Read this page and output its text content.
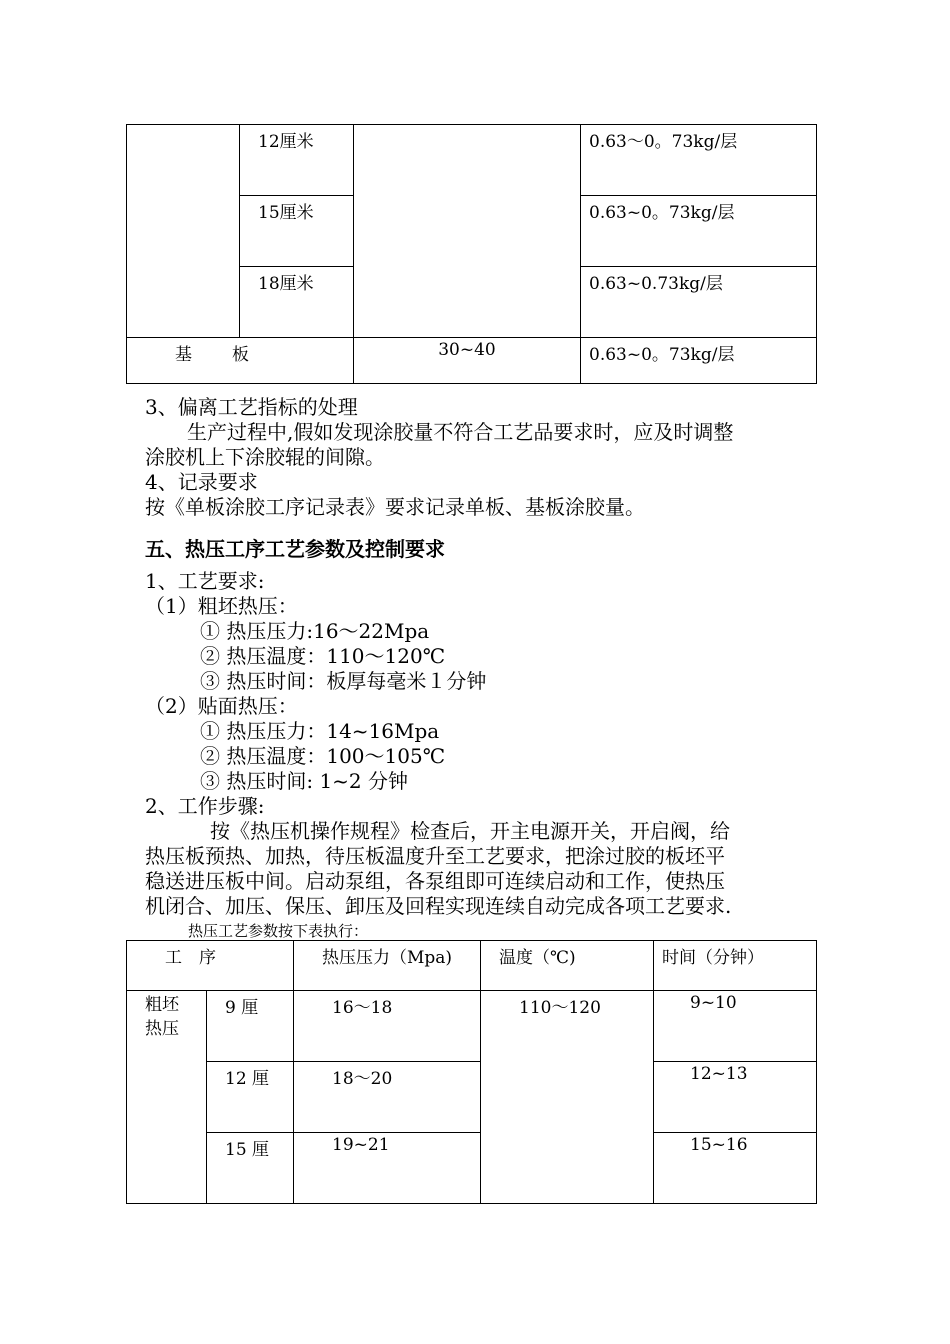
	12厘米		0.63～0。73kg/层
	15厘米		0.63~0。73kg/层
	18厘米		0.63~0.73kg/层
基 板		30~40	0.63~0。73kg/层
3、偏离工艺指标的处理
生产过程中,假如发现涂胶量不符合工艺品要求时，应及时调整
涂胶机上下涂胶辊的间隙。
4、记录要求
按《单板涂胶工序记录表》要求记录单板、基板涂胶量。
五、热压工序工艺参数及控制要求
1、工艺要求:
（1）粗坯热压：
① 热压压力:16～22Mpa
② 热压温度：110～120℃
③ 热压时间：板厚每毫米１分钟
（2）贴面热压：
① 热压压力：14~16Mpa
② 热压温度：100～105℃
③ 热压时间: 1~2 分钟
2、工作步骤:
按《热压机操作规程》检查后，开主电源开关，开启阀，给
热压板预热、加热，待压板温度升至工艺要求，把涂过胶的板坯平
稳送进压板中间。启动泵组，各泵组即可连续启动和工作，使热压
机闭合、加压、保压、卸压及回程实现连续自动完成各项工艺要求.
热压工艺参数按下表执行：
工　序		热压压力（Mpa)	温度（℃)	时间（分钟）

粗坯
热压	9 厘	16～18	110～120	9~10
	12 厘	18～20		12~13
	15 厘	19~21		15~16
